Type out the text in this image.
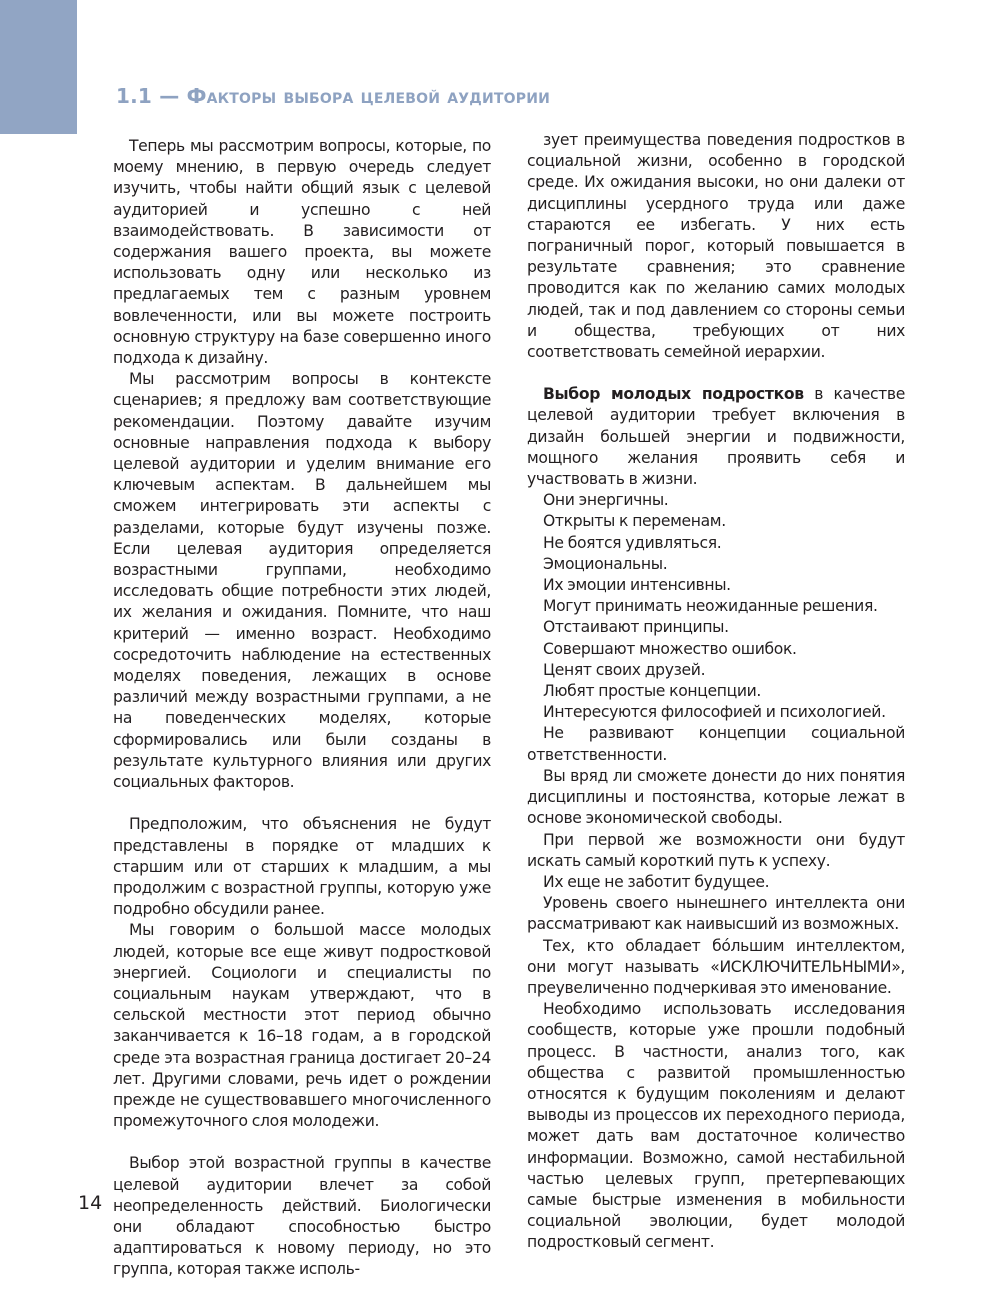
1.1 — Факторы выбора целевой аудитории

Теперь мы рассмотрим вопросы, которые, по моему мнению, в первую очередь следует изучить, чтобы найти общий язык с целевой аудиторией и успешно с ней взаимодействовать. В зависимости от содержания вашего проекта, вы можете использовать одну или несколько из предлагаемых тем с разным уровнем вовлеченности, или вы можете построить основную структуру на базе совершенно иного подхода к дизайну.

Мы рассмотрим вопросы в контексте сценариев; я предложу вам соответствующие рекомендации. Поэтому давайте изучим основные направления подхода к выбору целевой аудитории и уделим внимание его ключевым аспектам. В дальнейшем мы сможем интегрировать эти аспекты с разделами, которые будут изучены позже. Если целевая аудитория определяется возрастными группами, необходимо исследовать общие потребности этих людей, их желания и ожидания. Помните, что наш критерий — именно возраст. Необходимо сосредоточить наблюдение на естественных моделях поведения, лежащих в основе различий между возрастными группами, а не на поведенческих моделях, которые сформировались или были созданы в результате культурного влияния или других социальных факторов.

Предположим, что объяснения не будут представлены в порядке от младших к старшим или от старших к младшим, а мы продолжим с возрастной группы, которую уже подробно обсудили ранее.

Мы говорим о большой массе молодых людей, которые все еще живут подростковой энергией. Социологи и специалисты по социальным наукам утверждают, что в сельской местности этот период обычно заканчивается к 16–18 годам, а в городской среде эта возрастная граница достигает 20–24 лет. Другими словами, речь идет о рождении прежде не существовавшего многочисленного промежуточного слоя молодежи.

Выбор этой возрастной группы в качестве целевой аудитории влечет за собой неопределенность действий. Биологически они обладают способностью быстро адаптироваться к новому периоду, но это группа, которая также исполь-

зует преимущества поведения подростков в социальной жизни, особенно в городской среде. Их ожидания высоки, но они далеки от дисциплины усердного труда или даже стараются ее избегать. У них есть пограничный порог, который повышается в результате сравнения; это сравнение проводится как по желанию самих молодых людей, так и под давлением со стороны семьи и общества, требующих от них соответствовать семейной иерархии.

Выбор молодых подростков в качестве целевой аудитории требует включения в дизайн большей энергии и подвижности, мощного желания проявить себя и участвовать в жизни.

Они энергичны.

Открыты к переменам.

Не боятся удивляться.

Эмоциональны.

Их эмоции интенсивны.

Могут принимать неожиданные решения.

Отстаивают принципы.

Совершают множество ошибок.

Ценят своих друзей.

Любят простые концепции.

Интересуются философией и психологией.

Не развивают концепции социальной ответственности.

Вы вряд ли сможете донести до них понятия дисциплины и постоянства, которые лежат в основе экономической свободы.

При первой же возможности они будут искать самый короткий путь к успеху.

Их еще не заботит будущее.

Уровень своего нынешнего интеллекта они рассматривают как наивысший из возможных.

Тех, кто обладает бóльшим интеллектом, они могут называть «ИСКЛЮЧИТЕЛЬНЫМИ», преувеличенно подчеркивая это именование.

Необходимо использовать исследования сообществ, которые уже прошли подобный процесс. В частности, анализ того, как общества с развитой промышленностью относятся к будущим поколениям и делают выводы из процессов их переходного периода, может дать вам достаточное количество информации. Возможно, самой нестабильной частью целевых групп, претерпевающих самые быстрые изменения в мобильности социальной эволюции, будет молодой подростковый сегмент.

14
